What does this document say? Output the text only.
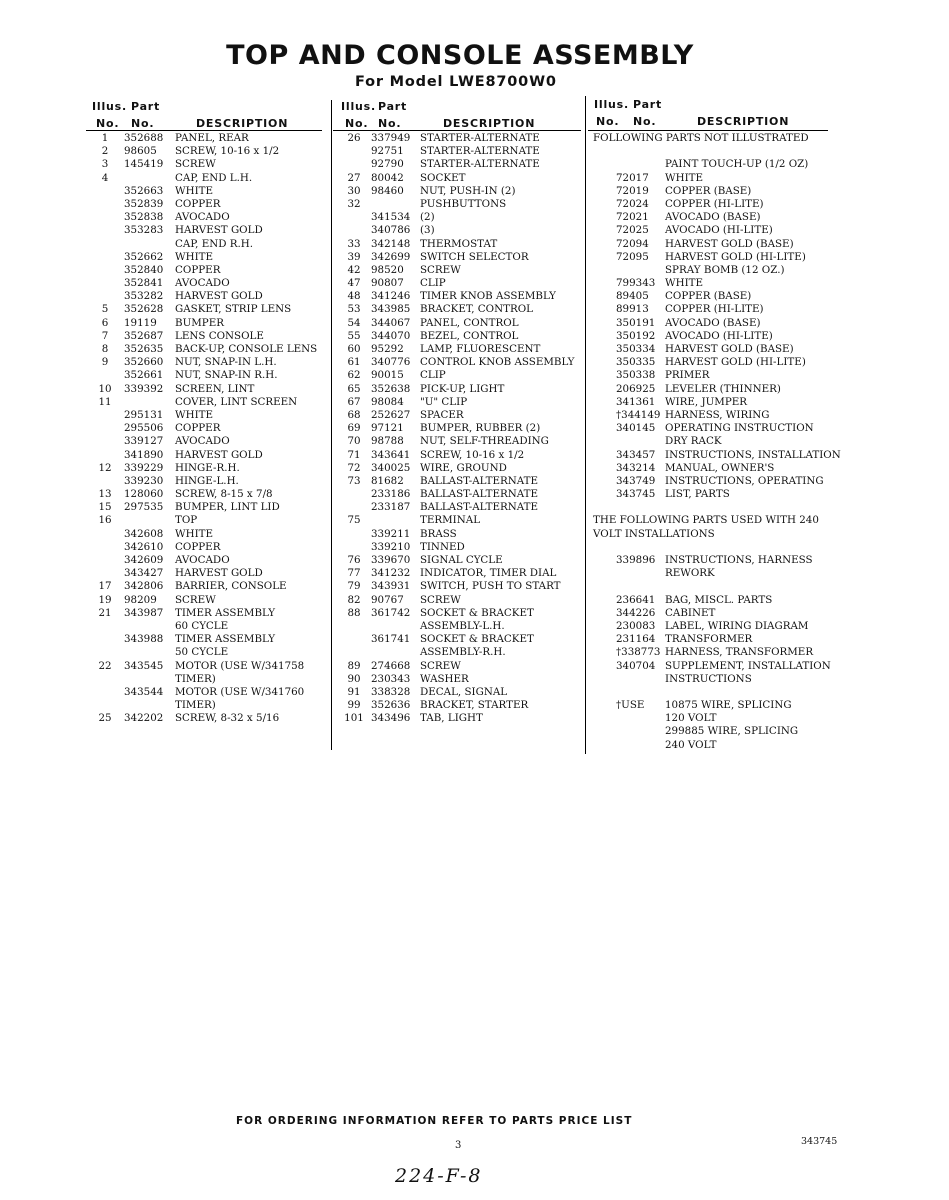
TOP AND CONSOLE ASSEMBLY
For Model LWE8700W0
Illus. Part
No. No.	DESCRIPTION
1	352688 PANEL, REAR
2	98605 SCREW, 10-16 x 1/2
3	145419 SCREW
4	CAP, END L.H.
352663 WHITE
352839 COPPER
352838 AVOCADO
353283 HARVEST GOLD
CAP, END R.H.
352662 WHITE
352840 COPPER
352841 AVOCADO
353282 HARVEST GOLD
5	352628 GASKET, STRIP LENS
6	19119 BUMPER
7	352687 LENS CONSOLE
8	352635 BACK-UP, CONSOLE LENS
9	352660 NUT, SNAP-IN L.H.
352661 NUT, SNAP-IN R.H.
10	339392 SCREEN, LINT
11	COVER, LINT SCREEN
295131 WHITE
295506 COPPER
339127 AVOCADO
341890 HARVEST GOLD
12	339229 HINGE-R.H.
339230 HINGE-L.H.
13	128060 SCREW, 8-15 x 7/8
15	297535 BUMPER, LINT LID
16	TOP
342608 WHITE
342610 COPPER
342609 AVOCADO
343427 HARVEST GOLD
17	342806 BARRIER, CONSOLE
19	98209 SCREW
21	343987 TIMER ASSEMBLY
60 CYCLE
343988 TIMER ASSEMBLY
50 CYCLE
22	343545 MOTOR (USE W/341758
TIMER)
343544 MOTOR (USE W/341760
TIMER)
25	342202 SCREW, 8-32 x 5/16
Illus. Part
No. No.	DESCRIPTION
26	337949 STARTER-ALTERNATE
92751 STARTER-ALTERNATE
92790 STARTER-ALTERNATE
27	80042 SOCKET
30	98460 NUT, PUSH-IN (2)
32	PUSHBUTTONS
341534 (2)
340786 (3)
33	342148 THERMOSTAT
39	342699 SWITCH SELECTOR
42	98520 SCREW
47	90807 CLIP
48	341246 TIMER KNOB ASSEMBLY
53	343985 BRACKET, CONTROL
54	344067 PANEL, CONTROL
55	344070 BEZEL, CONTROL
60	95292 LAMP, FLUORESCENT
61	340776 CONTROL KNOB ASSEMBLY
62	90015 CLIP
65	352638 PICK-UP, LIGHT
67	98084 "U" CLIP
68	252627 SPACER
69	97121 BUMPER, RUBBER (2)
70	98788 NUT, SELF-THREADING
71	343641 SCREW, 10-16 x 1/2
72	340025 WIRE, GROUND
73	81682 BALLAST-ALTERNATE
233186 BALLAST-ALTERNATE
233187 BALLAST-ALTERNATE
75	TERMINAL
339211 BRASS
339210 TINNED
76	339670 SIGNAL CYCLE
77	341232 INDICATOR, TIMER DIAL
79	343931 SWITCH, PUSH TO START
82	90767 SCREW
88	361742 SOCKET & BRACKET
ASSEMBLY-L.H.
361741 SOCKET & BRACKET
ASSEMBLY-R.H.
89	274668 SCREW
90	230343 WASHER
91	338328 DECAL, SIGNAL
99	352636 BRACKET, STARTER
101 343496 TAB, LIGHT
Illus. Part
No. No.	DESCRIPTION
FOLLOWING PARTS NOT ILLUSTRATED
PAINT TOUCH-UP (1/2 OZ)
72017 WHITE
72019 COPPER (BASE)
72024 COPPER (HI-LITE)
72021 AVOCADO (BASE)
72025 AVOCADO (HI-LITE)
72094 HARVEST GOLD (BASE)
72095 HARVEST GOLD (HI-LITE)
SPRAY BOMB (12 OZ.)
799343 WHITE
89405 COPPER (BASE)
89913 COPPER (HI-LITE)
350191 AVOCADO (BASE)
350192 AVOCADO (HI-LITE)
350334 HARVEST GOLD (BASE)
350335 HARVEST GOLD (HI-LITE)
350338 PRIMER
206925 LEVELER (THINNER)
341361 WIRE, JUMPER
†344149 HARNESS, WIRING
340145 OPERATING INSTRUCTION
DRY RACK
343457 INSTRUCTIONS, INSTALLATION
343214 MANUAL, OWNER'S
343749 INSTRUCTIONS, OPERATING
343745 LIST, PARTS
THE FOLLOWING PARTS USED WITH 240
VOLT INSTALLATIONS
339896 INSTRUCTIONS, HARNESS
REWORK
236641 BAG, MISCL. PARTS
344226 CABINET
230083 LABEL, WIRING DIAGRAM
231164 TRANSFORMER
†338773 HARNESS, TRANSFORMER
340704 SUPPLEMENT, INSTALLATION
INSTRUCTIONS
†USE 10875 WIRE, SPLICING
120 VOLT
299885 WIRE, SPLICING
240 VOLT
FOR ORDERING INFORMATION REFER TO PARTS PRICE LIST
3	343745
224-F-8
